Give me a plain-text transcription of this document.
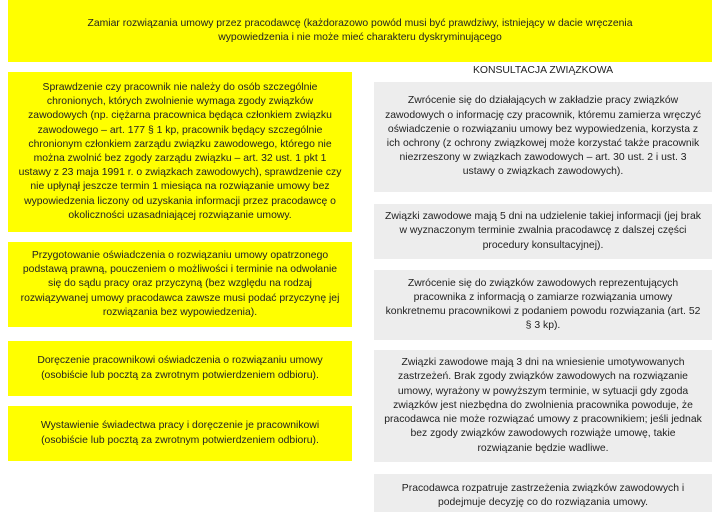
Zamiar rozwiązania umowy przez pracodawcę (każdorazowo powód musi być prawdziwy, istniejący w dacie wręczenia wypowiedzenia i nie może mieć charakteru dyskryminującego
Sprawdzenie czy pracownik nie należy do osób szczególnie chronionych, których zwolnienie wymaga zgody związków zawodowych (np. ciężarna pracownica będąca członkiem związku zawodowego – art. 177 § 1 kp, pracownik będący szczególnie chronionym członkiem zarządu związku zawodowego, którego nie można zwolnić bez zgody zarządu związku – art. 32 ust. 1 pkt 1 ustawy z 23 maja 1991 r. o związkach zawodowych), sprawdzenie czy nie upłynął jeszcze termin 1 miesiąca na rozwiązanie umowy bez wypowiedzenia liczony od uzyskania informacji przez pracodawcę o okoliczności uzasadniającej rozwiązanie umowy.
Przygotowanie oświadczenia o rozwiązaniu umowy opatrzonego podstawą prawną, pouczeniem o możliwości i terminie na odwołanie się do sądu pracy oraz przyczyną (bez względu na rodzaj rozwiązywanej umowy pracodawca zawsze musi podać przyczynę jej rozwiązania bez wypowiedzenia).
Doręczenie pracownikowi oświadczenia o rozwiązaniu umowy (osobiście lub pocztą za zwrotnym potwierdzeniem odbioru).
Wystawienie świadectwa pracy i doręczenie je pracownikowi (osobiście lub pocztą za zwrotnym potwierdzeniem odbioru).
KONSULTACJA ZWIĄZKOWA
Zwrócenie się do działających w zakładzie pracy związków zawodowych o informację czy pracownik, któremu zamierza wręczyć oświadczenie o rozwiązaniu umowy bez wypowiedzenia, korzysta z ich ochrony (z ochrony związkowej może korzystać także pracownik niezrzeszony w związkach zawodowych – art. 30 ust. 2 i ust. 3 ustawy o związkach zawodowych).
Związki zawodowe mają 5 dni na udzielenie takiej informacji (jej brak w wyznaczonym terminie zwalnia pracodawcę z dalszej części procedury konsultacyjnej).
Zwrócenie się do związków zawodowych reprezentujących pracownika z informacją o zamiarze rozwiązania umowy konkretnemu pracownikowi z podaniem powodu rozwiązania (art. 52 § 3 kp).
Związki zawodowe mają 3 dni na wniesienie umotywowanych zastrzeżeń. Brak zgody związków zawodowych na rozwiązanie umowy, wyrażony w powyższym terminie, w sytuacji gdy zgoda związków jest niezbędna do zwolnienia pracownika powoduje, że pracodawca nie może rozwiązać umowy z pracownikiem; jeśli jednak bez zgody związków zawodowych rozwiąże umowę, takie rozwiązanie będzie wadliwe.
Pracodawca rozpatruje zastrzeżenia związków zawodowych i podejmuje decyzję co do rozwiązania umowy.
